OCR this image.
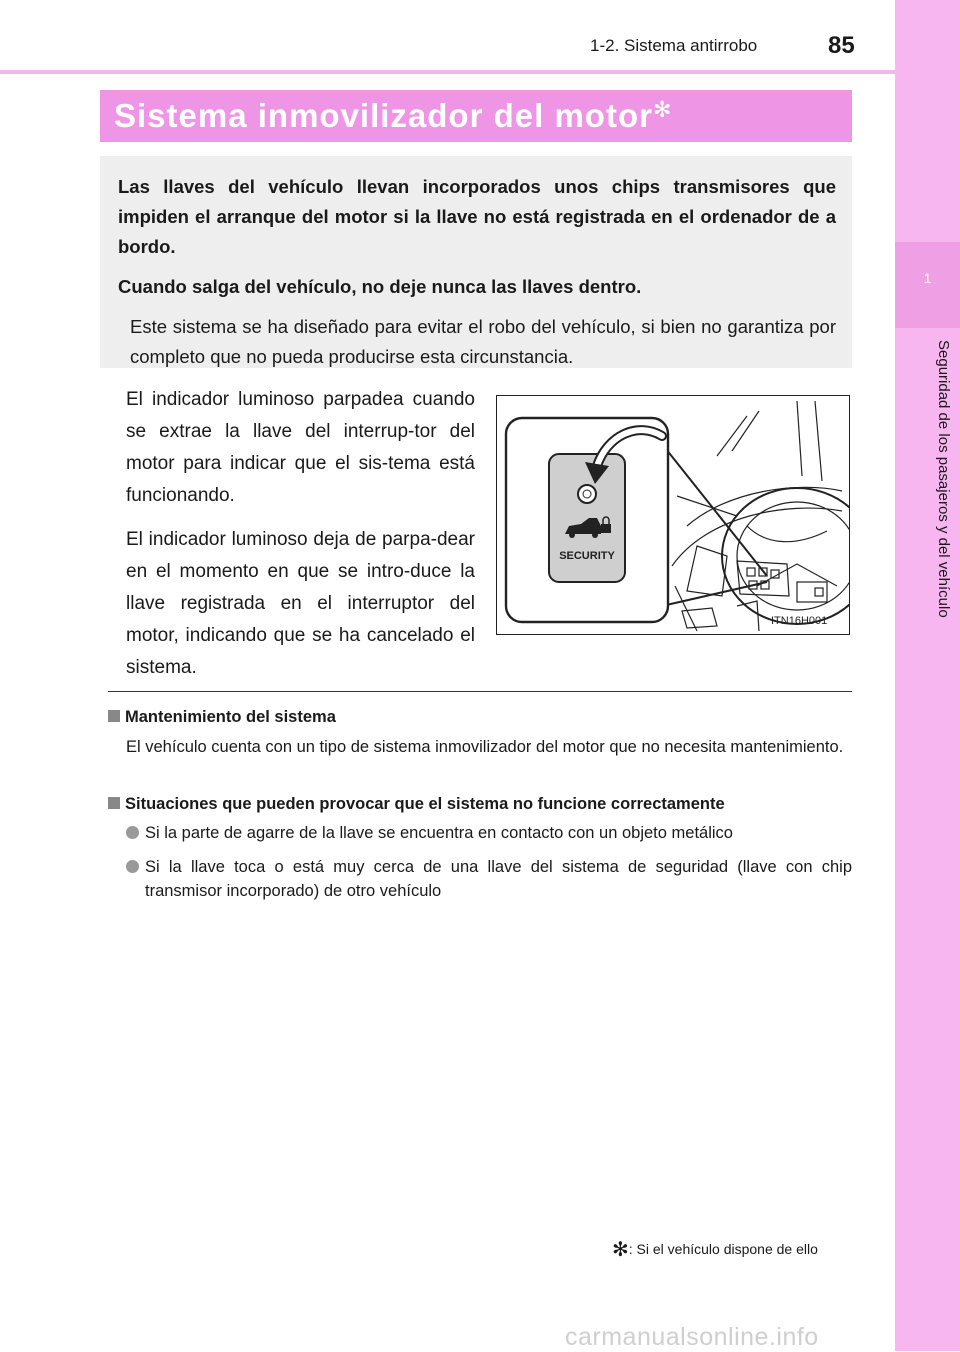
1-2. Sistema antirrobo	85
1
Seguridad de los pasajeros y del vehículo
Sistema inmovilizador del motor✻

Las llaves del vehículo llevan incorporados unos chips transmisores que impiden el arranque del motor si la llave no está registrada en el ordenador de a bordo.

Cuando salga del vehículo, no deje nunca las llaves dentro.

Este sistema se ha diseñado para evitar el robo del vehículo, si bien no garantiza por completo que no pueda producirse esta circunstancia.

El indicador luminoso parpadea cuando se extrae la llave del interrup-tor del motor para indicar que el sis-tema está funcionando.

El indicador luminoso deja de parpa-dear en el momento en que se intro-duce la llave registrada en el interruptor del motor, indicando que se ha cancelado el sistema.

SECURITY
ITN16H001
Mantenimiento del sistema
El vehículo cuenta con un tipo de sistema inmovilizador del motor que no necesita mantenimiento.
Situaciones que pueden provocar que el sistema no funcione correctamente
Si la parte de agarre de la llave se encuentra en contacto con un objeto metálico
Si la llave toca o está muy cerca de una llave del sistema de seguridad (llave con chip transmisor incorporado) de otro vehículo
✻: Si el vehículo dispone de ello
carmanualsonline.info
